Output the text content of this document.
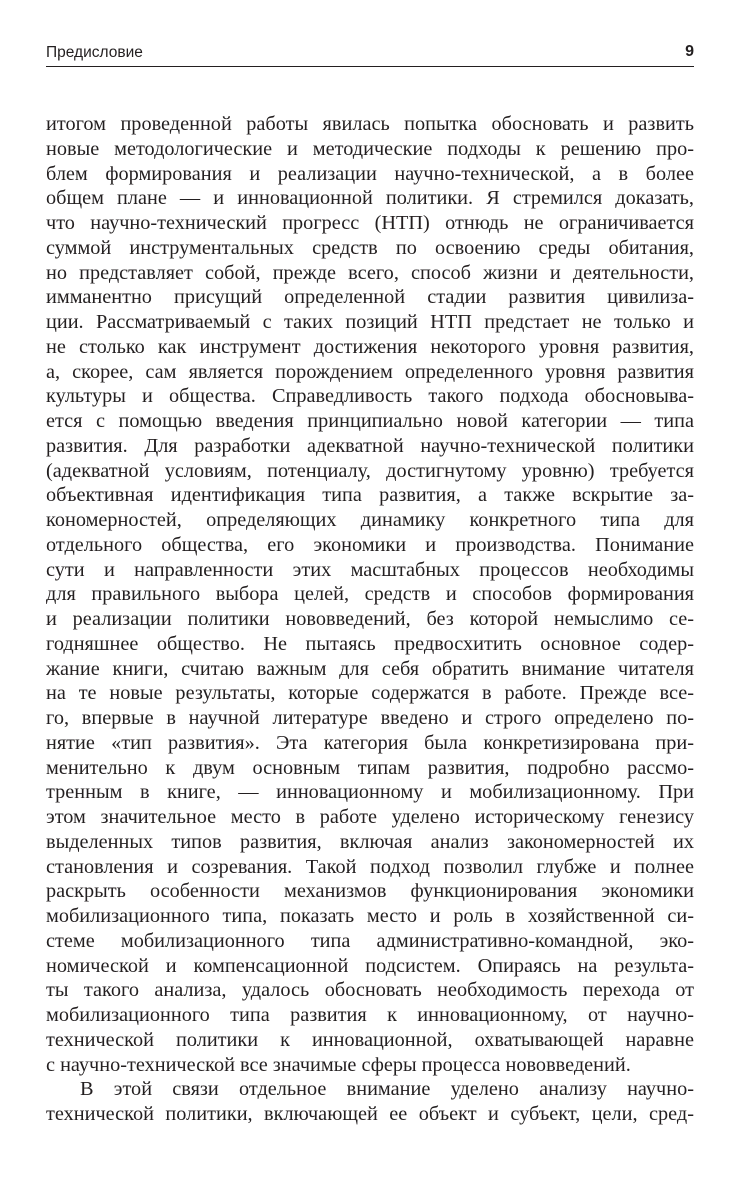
Предисловие	9
итогом проведенной работы явилась попытка обосновать и развить
новые методологические и методические подходы к решению про-
блем формирования и реализации научно-технической, а в более
общем плане — и инновационной политики. Я стремился доказать,
что научно-технический прогресс (НТП) отнюдь не ограничивается
суммой инструментальных средств по освоению среды обитания,
но представляет собой, прежде всего, способ жизни и деятельности,
имманентно присущий определенной стадии развития цивилиза-
ции. Рассматриваемый с таких позиций НТП предстает не только и
не столько как инструмент достижения некоторого уровня развития,
а, скорее, сам является порождением определенного уровня развития
культуры и общества. Справедливость такого подхода обосновыва-
ется с помощью введения принципиально новой категории — типа
развития. Для разработки адекватной научно-технической политики
(адекватной условиям, потенциалу, достигнутому уровню) требуется
объективная идентификация типа развития, а также вскрытие за-
кономерностей, определяющих динамику конкретного типа для
отдельного общества, его экономики и производства. Понимание
сути и направленности этих масштабных процессов необходимы
для правильного выбора целей, средств и способов формирования
и реализации политики нововведений, без которой немыслимо се-
годняшнее общество. Не пытаясь предвосхитить основное содер-
жание книги, считаю важным для себя обратить внимание читателя
на те новые результаты, которые содержатся в работе. Прежде все-
го, впервые в научной литературе введено и строго определено по-
нятие «тип развития». Эта категория была конкретизирована при-
менительно к двум основным типам развития, подробно рассмо-
тренным в книге, — инновационному и мобилизационному. При
этом значительное место в работе уделено историческому генезису
выделенных типов развития, включая анализ закономерностей их
становления и созревания. Такой подход позволил глубже и полнее
раскрыть особенности механизмов функционирования экономики
мобилизационного типа, показать место и роль в хозяйственной си-
стеме мобилизационного типа административно-командной, эко-
номической и компенсационной подсистем. Опираясь на результа-
ты такого анализа, удалось обосновать необходимость перехода от
мобилизационного типа развития к инновационному, от научно-
технической политики к инновационной, охватывающей наравне
с научно-технической все значимые сферы процесса нововведений.
В этой связи отдельное внимание уделено анализу научно-
технической политики, включающей ее объект и субъект, цели, сред-
